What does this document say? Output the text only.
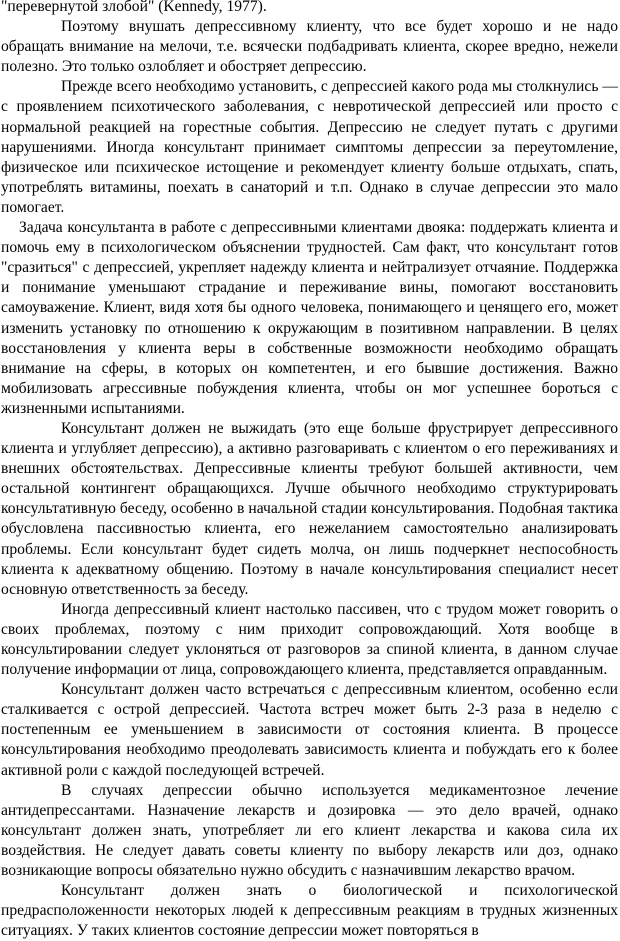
"перевернутой злобой" (Kennedy, 1977).

Поэтому внушать депрессивному клиенту, что все будет хорошо и не надо обращать внимание на мелочи, т.е. всячески подбадривать клиента, скорее вредно, нежели полезно. Это только озлобляет и обостряет депрессию.

Прежде всего необходимо установить, с депрессией какого рода мы столкнулись — с проявлением психотического заболевания, с невротической депрессией или просто с нормальной реакцией на горестные события. Депрессию не следует путать с другими нарушениями. Иногда консультант принимает симптомы депрессии за переутомление, физическое или психическое истощение и рекомендует клиенту больше отдыхать, спать, употреблять витамины, поехать в санаторий и т.п. Однако в случае депрессии это мало помогает.

Задача консультанта в работе с депрессивными клиентами двояка: поддержать клиента и помочь ему в психологическом объяснении трудностей. Сам факт, что консультант готов "сразиться" с депрессией, укрепляет надежду клиента и нейтрализует отчаяние. Поддержка и понимание уменьшают страдание и переживание вины, помогают восстановить самоуважение. Клиент, видя хотя бы одного человека, понимающего и ценящего его, может изменить установку по отношению к окружающим в позитивном направлении. В целях восстановления у клиента веры в собственные возможности необходимо обращать внимание на сферы, в которых он компетентен, и его бывшие достижения. Важно мобилизовать агрессивные побуждения клиента, чтобы он мог успешнее бороться с жизненными испытаниями.

Консультант должен не выжидать (это еще больше фрустрирует депрессивного клиента и углубляет депрессию), а активно разговаривать с клиентом о его переживаниях и внешних обстоятельствах. Депрессивные клиенты требуют большей активности, чем остальной контингент обращающихся. Лучше обычного необходимо структурировать консультативную беседу, особенно в начальной стадии консультирования. Подобная тактика обусловлена пассивностью клиента, его нежеланием самостоятельно анализировать проблемы. Если консультант будет сидеть молча, он лишь подчеркнет неспособность клиента к адекватному общению. Поэтому в начале консультирования специалист несет основную ответственность за беседу.

Иногда депрессивный клиент настолько пассивен, что с трудом может говорить о своих проблемах, поэтому с ним приходит сопровождающий. Хотя вообще в консультировании следует уклоняться от разговоров за спиной клиента, в данном случае получение информации от лица, сопровождающего клиента, представляется оправданным.

Консультант должен часто встречаться с депрессивным клиентом, особенно если сталкивается с острой депрессией. Частота встреч может быть 2-3 раза в неделю с постепенным ее уменьшением в зависимости от состояния клиента. В процессе консультирования необходимо преодолевать зависимость клиента и побуждать его к более активной роли с каждой последующей встречей.

В случаях депрессии обычно используется медикаментозное лечение антидепрессантами. Назначение лекарств и дозировка — это дело врачей, однако консультант должен знать, употребляет ли его клиент лекарства и какова сила их воздействия. Не следует давать советы клиенту по выбору лекарств или доз, однако возникающие вопросы обязательно нужно обсудить с назначившим лекарство врачом.

Консультант должен знать о биологической и психологической предрасположенности некоторых людей к депрессивным реакциям в трудных жизненных ситуациях. У таких клиентов состояние депрессии может повторяться в
